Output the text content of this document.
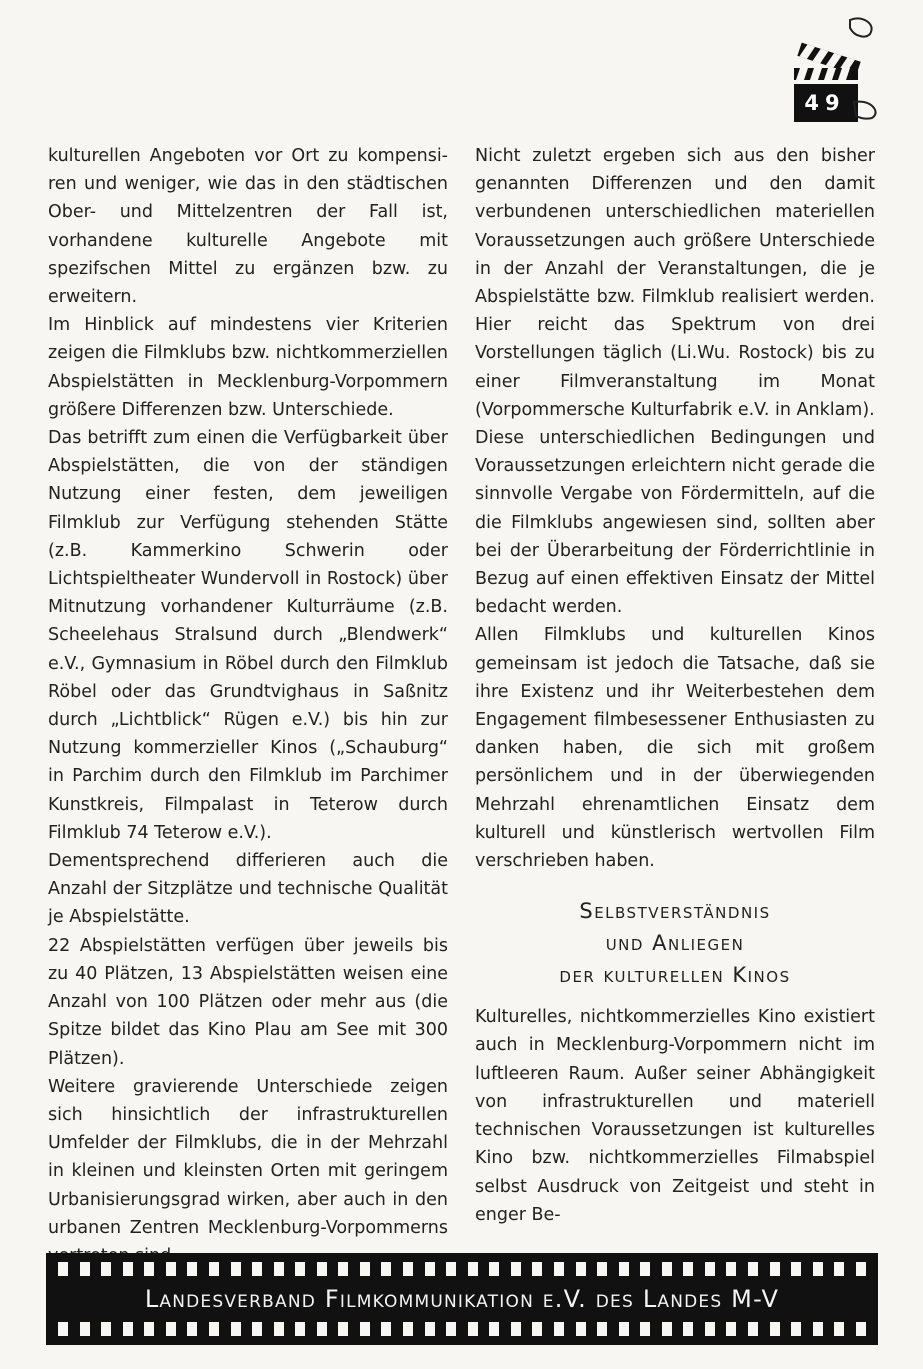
49

kulturellen Angeboten vor Ort zu kompensi-ren und weniger, wie das in den städtischen Ober- und Mittelzentren der Fall ist, vorhandene kulturelle Angebote mit spezifschen Mittel zu ergänzen bzw. zu erweitern.

Im Hinblick auf mindestens vier Kriterien zeigen die Filmklubs bzw. nichtkommerziellen Abspielstätten in Mecklenburg-Vorpommern größere Differenzen bzw. Unterschiede.

Das betrifft zum einen die Verfügbarkeit über Abspielstätten, die von der ständigen Nutzung einer festen, dem jeweiligen Filmklub zur Verfügung stehenden Stätte (z.B. Kammerkino Schwerin oder Lichtspieltheater Wundervoll in Rostock) über Mitnutzung vorhandener Kulturräume (z.B. Scheelehaus Stralsund durch „Blendwerk“ e.V., Gymnasium in Röbel durch den Filmklub Röbel oder das Grundtvighaus in Saßnitz durch „Lichtblick“ Rügen e.V.) bis hin zur Nutzung kommerzieller Kinos („Schauburg“ in Parchim durch den Filmklub im Parchimer Kunstkreis, Filmpalast in Teterow durch Filmklub 74 Teterow e.V.).

Dementsprechend differieren auch die Anzahl der Sitzplätze und technische Qualität je Abspielstätte.

22 Abspielstätten verfügen über jeweils bis zu 40 Plätzen, 13 Abspielstätten weisen eine Anzahl von 100 Plätzen oder mehr aus (die Spitze bildet das Kino Plau am See mit 300 Plätzen).

Weitere gravierende Unterschiede zeigen sich hinsichtlich der infrastrukturellen Umfelder der Filmklubs, die in der Mehrzahl in kleinen und kleinsten Orten mit geringem Urbanisierungsgrad wirken, aber auch in den urbanen Zentren Mecklenburg-Vorpommerns

Nicht zuletzt ergeben sich aus den bisher genannten Differenzen und den damit verbundenen unterschiedlichen materiellen Voraussetzungen auch größere Unterschiede in der Anzahl der Veranstaltungen, die je Abspielstätte bzw. Filmklub realisiert werden. Hier reicht das Spektrum von drei Vorstellungen täglich (Li.Wu. Rostock) bis zu einer Filmveranstaltung im Monat (Vorpommersche Kulturfabrik e.V. in Anklam).

Diese unterschiedlichen Bedingungen und Voraussetzungen erleichtern nicht gerade die sinnvolle Vergabe von Fördermitteln, auf die die Filmklubs angewiesen sind, sollten aber bei der Überarbeitung der Förderrichtlinie in Bezug auf einen effektiven Einsatz der Mittel bedacht werden.

Allen Filmklubs und kulturellen Kinos gemeinsam ist jedoch die Tatsache, daß sie ihre Existenz und ihr Weiterbestehen dem Engagement filmbesessener Enthusiasten zu danken haben, die sich mit großem persönlichem und in der überwiegenden Mehrzahl ehrenamtlichen Einsatz dem kulturell und künstlerisch wertvollen Film verschrieben haben.

Selbstverständnis
und Anliegen
der kulturellen Kinos

Kulturelles, nichtkommerzielles Kino existiert auch in Mecklenburg-Vorpommern nicht im luftleeren Raum. Außer seiner Abhängigkeit von infrastrukturellen und materiell technischen Voraussetzungen ist kulturelles Kino bzw. nichtkommerzielles Filmabspiel selbst Ausdruck von Zeitgeist und steht in enger Be-

Landesverband Filmkommunikation e.V. des Landes M-V
